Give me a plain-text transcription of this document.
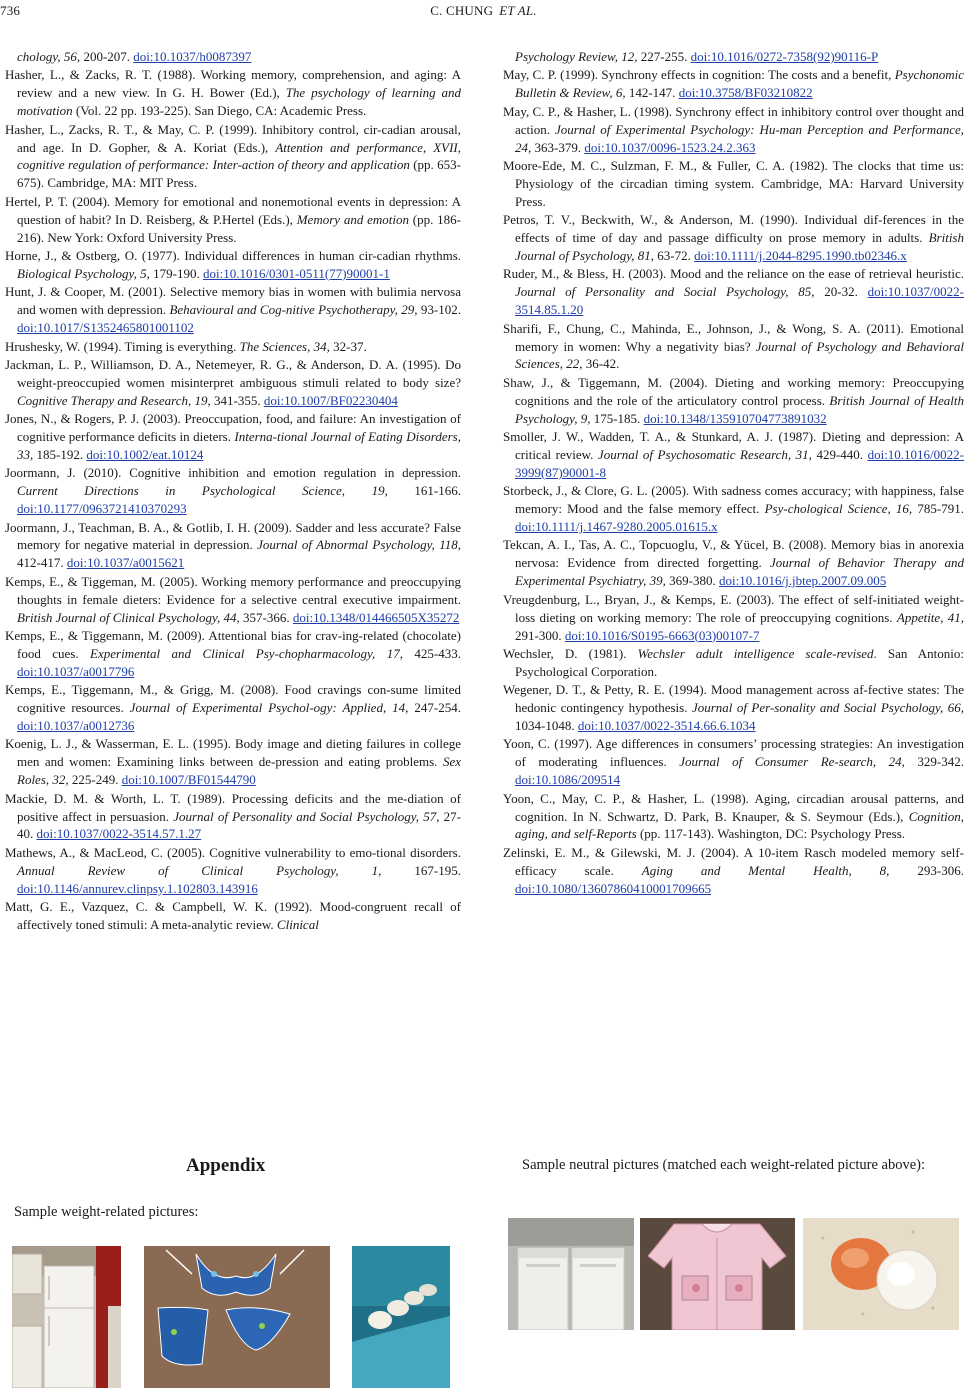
736	C. CHUNG ET AL.
chology, 56, 200-207. doi:10.1037/h0087397
Hasher, L., & Zacks, R. T. (1988). Working memory, comprehension, and aging: A review and a new view. In G. H. Bower (Ed.), The psychology of learning and motivation (Vol. 22 pp. 193-225). San Diego, CA: Academic Press.
Hasher, L., Zacks, R. T., & May, C. P. (1999). Inhibitory control, cir-cadian arousal, and age. In D. Gopher, & A. Koriat (Eds.), Attention and performance, XVII, cognitive regulation of performance: Inter-action of theory and application (pp. 653-675). Cambridge, MA: MIT Press.
Hertel, P. T. (2004). Memory for emotional and nonemotional events in depression: A question of habit? In D. Reisberg, & P.Hertel (Eds.), Memory and emotion (pp. 186-216). New York: Oxford University Press.
Horne, J., & Ostberg, O. (1977). Individual differences in human cir-cadian rhythms. Biological Psychology, 5, 179-190. doi:10.1016/0301-0511(77)90001-1
Hunt, J. & Cooper, M. (2001). Selective memory bias in women with bulimia nervosa and women with depression. Behavioural and Cog-nitive Psychotherapy, 29, 93-102. doi:10.1017/S1352465801001102
Hrushesky, W. (1994). Timing is everything. The Sciences, 34, 32-37.
Jackman, L. P., Williamson, D. A., Netemeyer, R. G., & Anderson, D. A. (1995). Do weight-preoccupied women misinterpret ambiguous stimuli related to body size? Cognitive Therapy and Research, 19, 341-355. doi:10.1007/BF02230404
Jones, N., & Rogers, P. J. (2003). Preoccupation, food, and failure: An investigation of cognitive performance deficits in dieters. Interna-tional Journal of Eating Disorders, 33, 185-192. doi:10.1002/eat.10124
Joormann, J. (2010). Cognitive inhibition and emotion regulation in depression. Current Directions in Psychological Science, 19, 161-166. doi:10.1177/0963721410370293
Joormann, J., Teachman, B. A., & Gotlib, I. H. (2009). Sadder and less accurate? False memory for negative material in depression. Journal of Abnormal Psychology, 118, 412-417. doi:10.1037/a0015621
Kemps, E., & Tiggeman, M. (2005). Working memory performance and preoccupying thoughts in female dieters: Evidence for a selective central executive impairment. British Journal of Clinical Psychology, 44, 357-366. doi:10.1348/014466505X35272
Kemps, E., & Tiggemann, M. (2009). Attentional bias for crav-ing-related (chocolate) food cues. Experimental and Clinical Psy-chopharmacology, 17, 425-433. doi:10.1037/a0017796
Kemps, E., Tiggemann, M., & Grigg, M. (2008). Food cravings con-sume limited cognitive resources. Journal of Experimental Psychol-ogy: Applied, 14, 247-254. doi:10.1037/a0012736
Koenig, L. J., & Wasserman, E. L. (1995). Body image and dieting failures in college men and women: Examining links between de-pression and eating problems. Sex Roles, 32, 225-249. doi:10.1007/BF01544790
Mackie, D. M. & Worth, L. T. (1989). Processing deficits and the me-diation of positive affect in persuasion. Journal of Personality and Social Psychology, 57, 27-40. doi:10.1037/0022-3514.57.1.27
Mathews, A., & MacLeod, C. (2005). Cognitive vulnerability to emo-tional disorders. Annual Review of Clinical Psychology, 1, 167-195. doi:10.1146/annurev.clinpsy.1.102803.143916
Matt, G. E., Vazquez, C. & Campbell, W. K. (1992). Mood-congruent recall of affectively toned stimuli: A meta-analytic review. Clinical
Psychology Review, 12, 227-255. doi:10.1016/0272-7358(92)90116-P
May, C. P. (1999). Synchrony effects in cognition: The costs and a benefit, Psychonomic Bulletin & Review, 6, 142-147. doi:10.3758/BF03210822
May, C. P., & Hasher, L. (1998). Synchrony effect in inhibitory control over thought and action. Journal of Experimental Psychology: Hu-man Perception and Performance, 24, 363-379. doi:10.1037/0096-1523.24.2.363
Moore-Ede, M. C., Sulzman, F. M., & Fuller, C. A. (1982). The clocks that time us: Physiology of the circadian timing system. Cambridge, MA: Harvard University Press.
Petros, T. V., Beckwith, W., & Anderson, M. (1990). Individual dif-ferences in the effects of time of day and passage difficulty on prose memory in adults. British Journal of Psychology, 81, 63-72. doi:10.1111/j.2044-8295.1990.tb02346.x
Ruder, M., & Bless, H. (2003). Mood and the reliance on the ease of retrieval heuristic. Journal of Personality and Social Psychology, 85, 20-32. doi:10.1037/0022-3514.85.1.20
Sharifi, F., Chung, C., Mahinda, E., Johnson, J., & Wong, S. A. (2011). Emotional memory in women: Why a negativity bias? Journal of Psychology and Behavioral Sciences, 22, 36-42.
Shaw, J., & Tiggemann, M. (2004). Dieting and working memory: Preoccupying cognitions and the role of the articulatory control process. British Journal of Health Psychology, 9, 175-185. doi:10.1348/135910704773891032
Smoller, J. W., Wadden, T. A., & Stunkard, A. J. (1987). Dieting and depression: A critical review. Journal of Psychosomatic Research, 31, 429-440. doi:10.1016/0022-3999(87)90001-8
Storbeck, J., & Clore, G. L. (2005). With sadness comes accuracy; with happiness, false memory: Mood and the false memory effect. Psy-chological Science, 16, 785-791. doi:10.1111/j.1467-9280.2005.01615.x
Tekcan, A. I., Tas, A. C., Topcuoglu, V., & Yücel, B. (2008). Memory bias in anorexia nervosa: Evidence from directed forgetting. Journal of Behavior Therapy and Experimental Psychiatry, 39, 369-380. doi:10.1016/j.jbtep.2007.09.005
Vreugdenburg, L., Bryan, J., & Kemps, E. (2003). The effect of self-initiated weight-loss dieting on working memory: The role of preoccupying cognitions. Appetite, 41, 291-300. doi:10.1016/S0195-6663(03)00107-7
Wechsler, D. (1981). Wechsler adult intelligence scale-revised. San Antonio: Psychological Corporation.
Wegener, D. T., & Petty, R. E. (1994). Mood management across af-fective states: The hedonic contingency hypothesis. Journal of Per-sonality and Social Psychology, 66, 1034-1048. doi:10.1037/0022-3514.66.6.1034
Yoon, C. (1997). Age differences in consumers’ processing strategies: An investigation of moderating influences. Journal of Consumer Re-search, 24, 329-342. doi:10.1086/209514
Yoon, C., May, C. P., & Hasher, L. (1998). Aging, circadian arousal patterns, and cognition. In N. Schwartz, D. Park, B. Knauper, & S. Seymour (Eds.), Cognition, aging, and self-Reports (pp. 117-143). Washington, DC: Psychology Press.
Zelinski, E. M., & Gilewski, M. J. (2004). A 10-item Rasch modeled memory self-efficacy scale. Aging and Mental Health, 8, 293-306. doi:10.1080/13607860410001709665
Appendix
Sample weight-related pictures:
Sample neutral pictures (matched each weight-related picture above):
